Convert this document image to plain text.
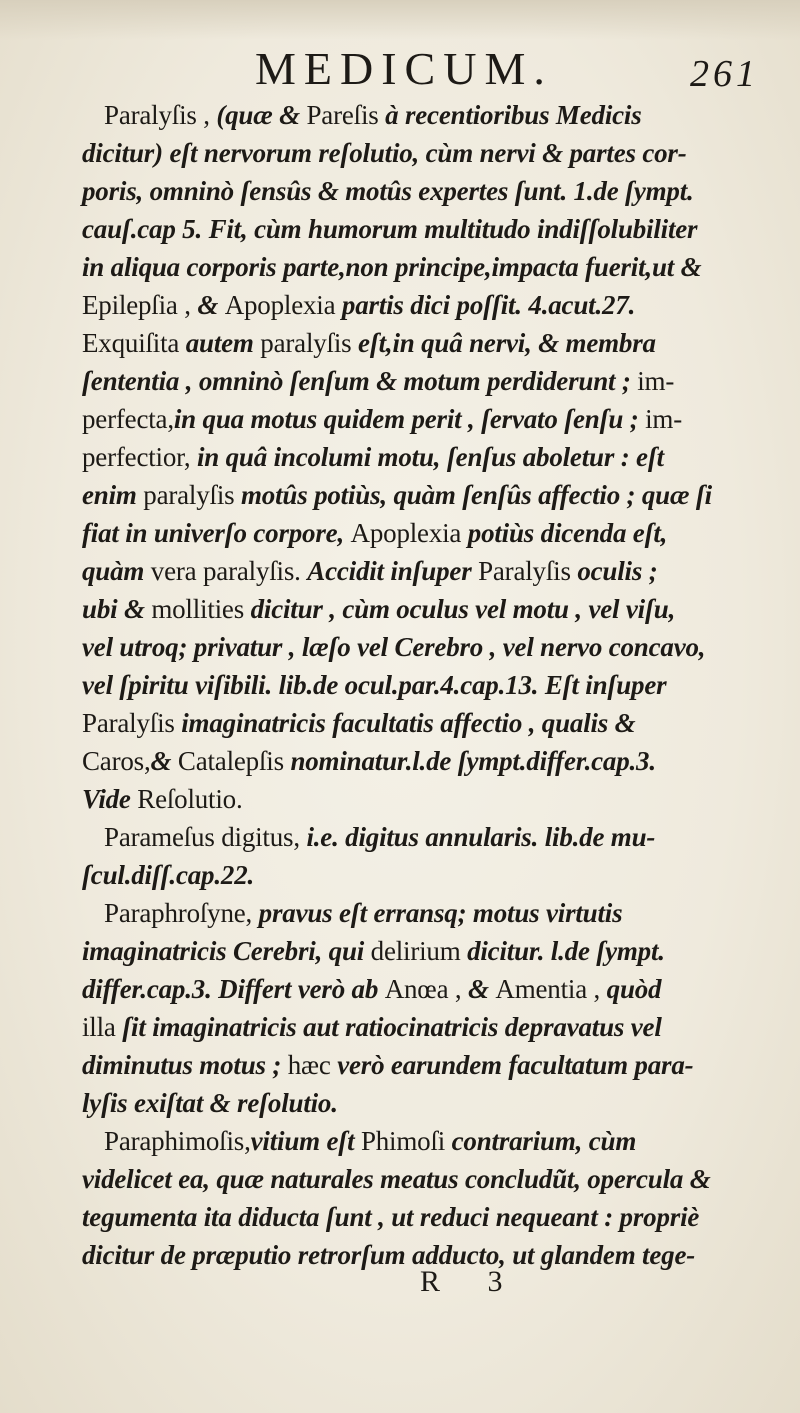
MEDICUM.	261
Paralyſis , (quæ & Pareſis à recentioribus Medicis
dicitur) eſt nervorum reſolutio, cùm nervi & partes cor-
poris, omninò ſensûs & motûs expertes ſunt. 1.de ſympt.
cauſ.cap 5. Fit, cùm humorum multitudo indiſſolubiliter
in aliqua corporis parte,non principe,impacta fuerit,ut &
Epilepſia , & Apoplexia partis dici poſſit. 4.acut.27.
Exquiſita autem paralyſis eſt,in quâ nervi, & membra
ſententia , omninò ſenſum & motum perdiderunt ; im-
perfecta,in qua motus quidem perit , ſervato ſenſu ; im-
perfectior, in quâ incolumi motu, ſenſus aboletur : eſt
enim paralyſis motûs potiùs, quàm ſenſûs affectio ; quæ ſi
fiat in univerſo corpore, Apoplexia potiùs dicenda eſt,
quàm vera paralyſis. Accidit inſuper Paralyſis oculis ;
ubi & mollities dicitur , cùm oculus vel motu , vel viſu,
vel utroq; privatur , læſo vel Cerebro , vel nervo concavo,
vel ſpiritu viſibili. lib.de ocul.par.4.cap.13. Eſt inſuper
Paralyſis imaginatricis facultatis affectio , qualis &
Caros,& Catalepſis nominatur.l.de ſympt.differ.cap.3.
Vide Reſolutio.
Parameſus digitus, i.e. digitus annularis. lib.de mu-
ſcul.diſſ.cap.22.
Paraphroſyne, pravus eſt erransq; motus virtutis
imaginatricis Cerebri, qui delirium dicitur. l.de ſympt.
differ.cap.3. Differt verò ab Anœa , & Amentia , quòd
illa ſit imaginatricis aut ratiocinatricis depravatus vel
diminutus motus ; hæc verò earundem facultatum para-
lyſis exiſtat & reſolutio.
Paraphimoſis,vitium eſt Phimoſi contrarium, cùm
videlicet ea, quæ naturales meatus concludũt, opercula &
tegumenta ita diducta ſunt , ut reduci nequeant : propriè
dicitur de præputio retrorſum adducto, ut glandem tege-
R 3
